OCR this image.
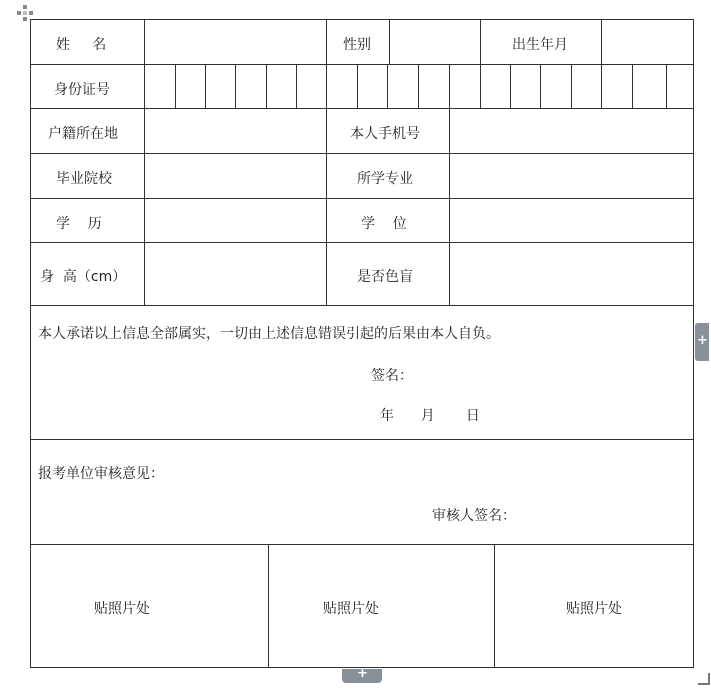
姓     名	性别	出生年月
身份证号
户籍所在地	本人手机号
毕业院校	所学专业
学    历	学    位
身  高（cm）	是否色盲
本人承诺以上信息全部属实，一切由上述信息错误引起的后果由本人自负。
签名：
年      月       日
报考单位审核意见：
审核人签名：
贴照片处	贴照片处	贴照片处
+
+
